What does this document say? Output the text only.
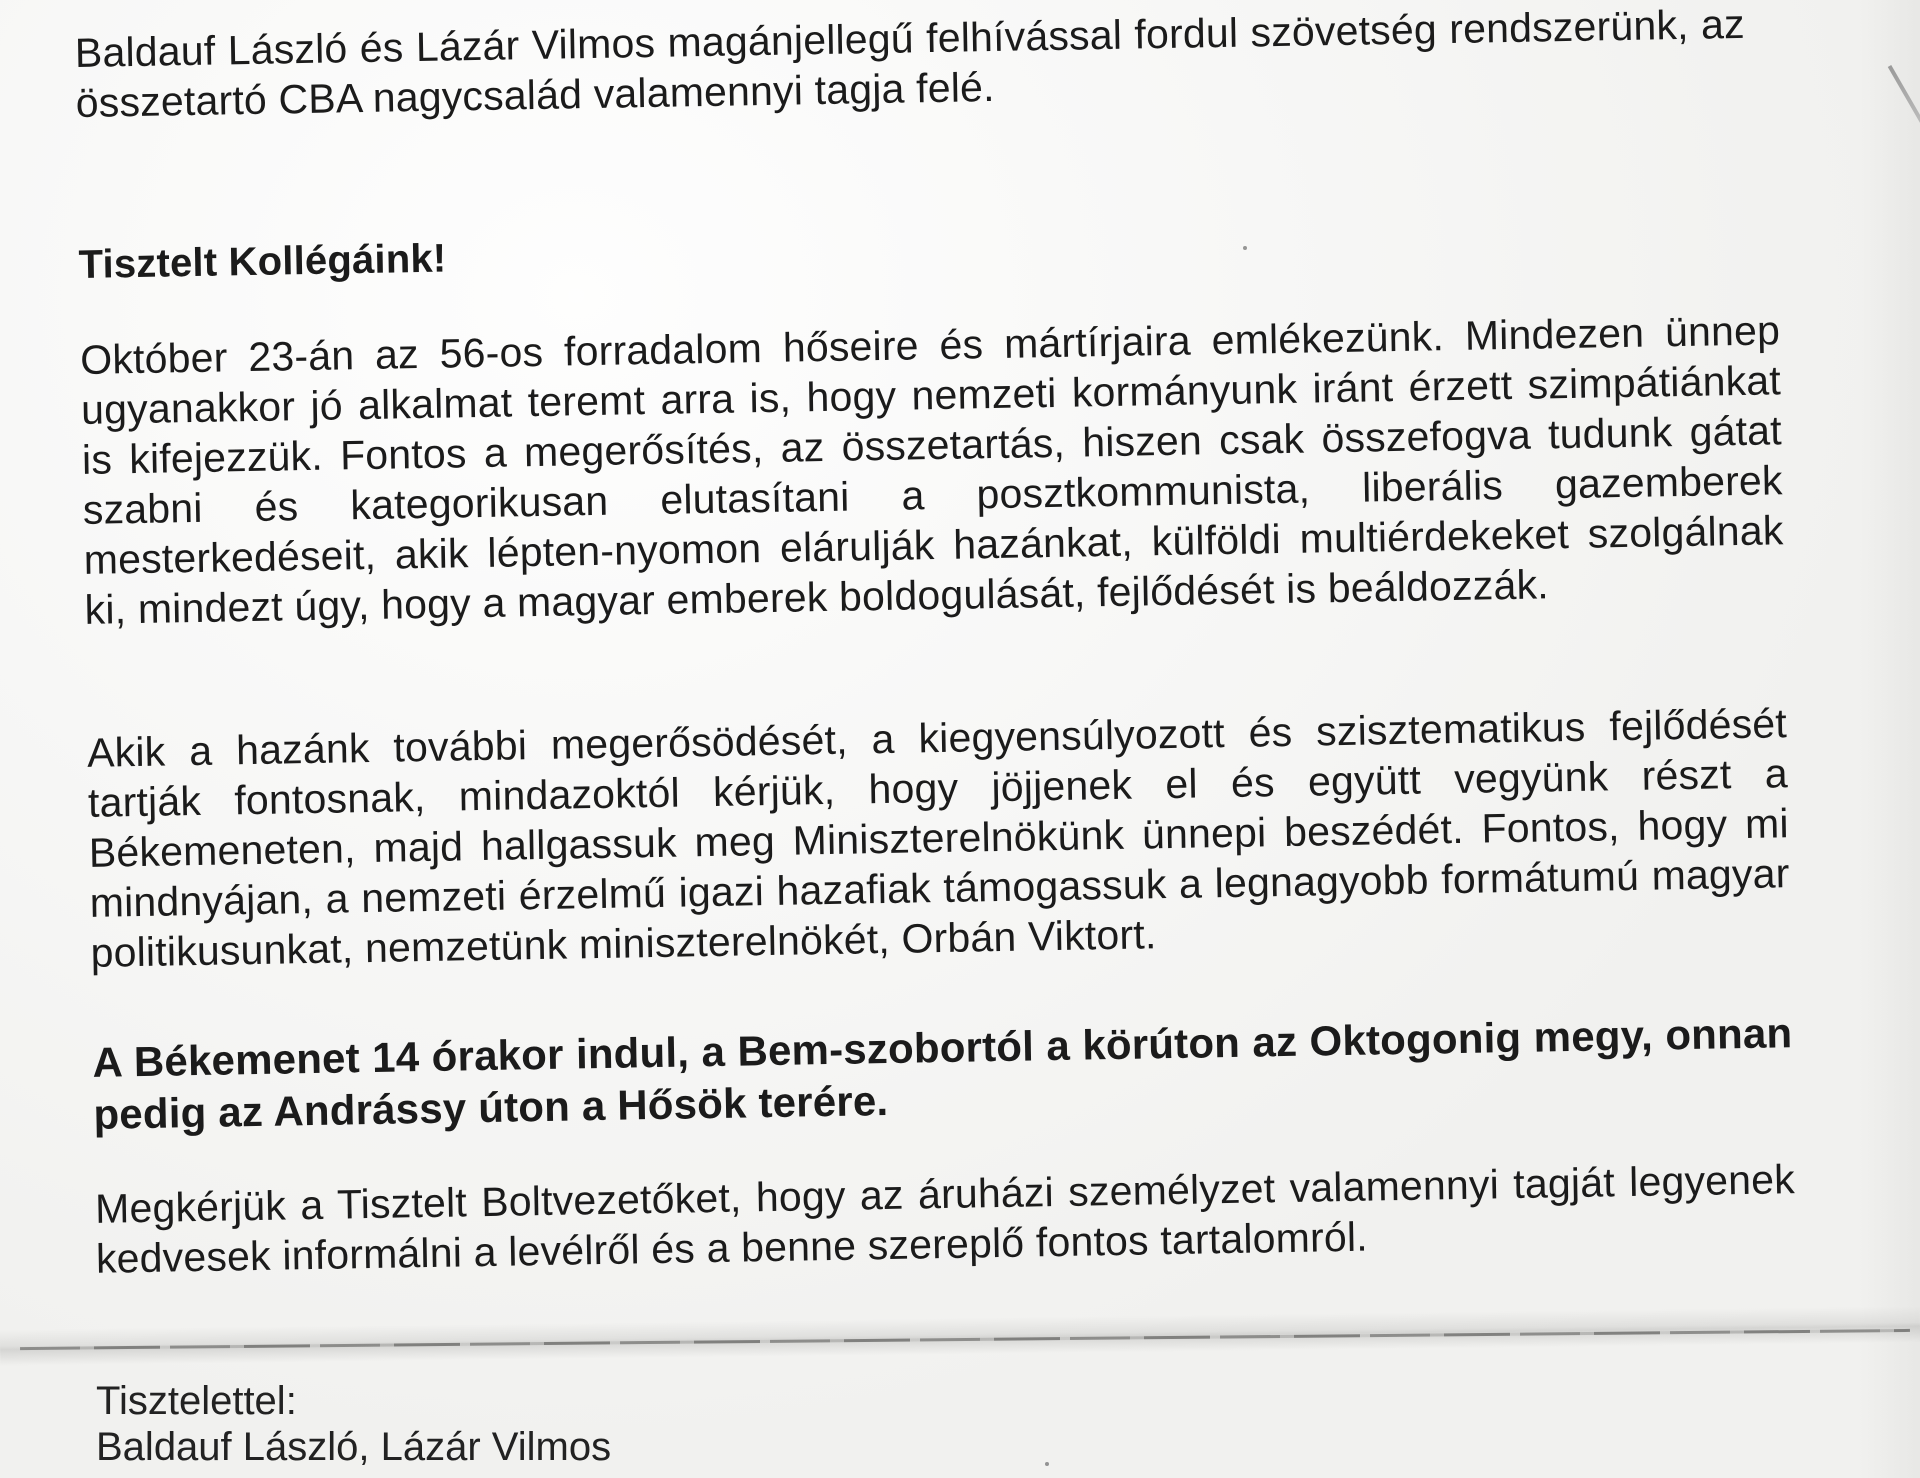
Baldauf László és Lázár Vilmos magánjellegű felhívással fordul szövetség rendszerünk, az összetartó CBA nagycsalád valamennyi tagja felé.

Tisztelt Kollégáink!

Október 23-án az 56-os forradalom hőseire és mártírjaira emlékezünk. Mindezen ünnep ugyanakkor jó alkalmat teremt arra is, hogy nemzeti kormányunk iránt érzett szimpátiánkat is kifejezzük. Fontos a megerősítés, az összetartás, hiszen csak összefogva tudunk gátat szabni és kategorikusan elutasítani a posztkommunista, liberális gazemberek mesterkedéseit, akik lépten-nyomon elárulják hazánkat, külföldi multiérdekeket szolgálnak ki, mindezt úgy, hogy a magyar emberek boldogulását, fejlődését is beáldozzák.

Akik a hazánk további megerősödését, a kiegyensúlyozott és szisztematikus fejlődését tartják fontosnak, mindazoktól kérjük, hogy jöjjenek el és együtt vegyünk részt a Békemeneten, majd hallgassuk meg Miniszterelnökünk ünnepi beszédét. Fontos, hogy mi mindnyájan, a nemzeti érzelmű igazi hazafiak támogassuk a legnagyobb formátumú magyar politikusunkat, nemzetünk miniszterelnökét, Orbán Viktort.

A Békemenet 14 órakor indul, a Bem-szobortól a körúton az Oktogonig megy, onnan pedig az Andrássy úton a Hősök terére.

Megkérjük a Tisztelt Boltvezetőket, hogy az áruházi személyzet valamennyi tagját legyenek kedvesek informálni a levélről és a benne szereplő fontos tartalomról.

Tisztelettel:
Baldauf László, Lázár Vilmos
